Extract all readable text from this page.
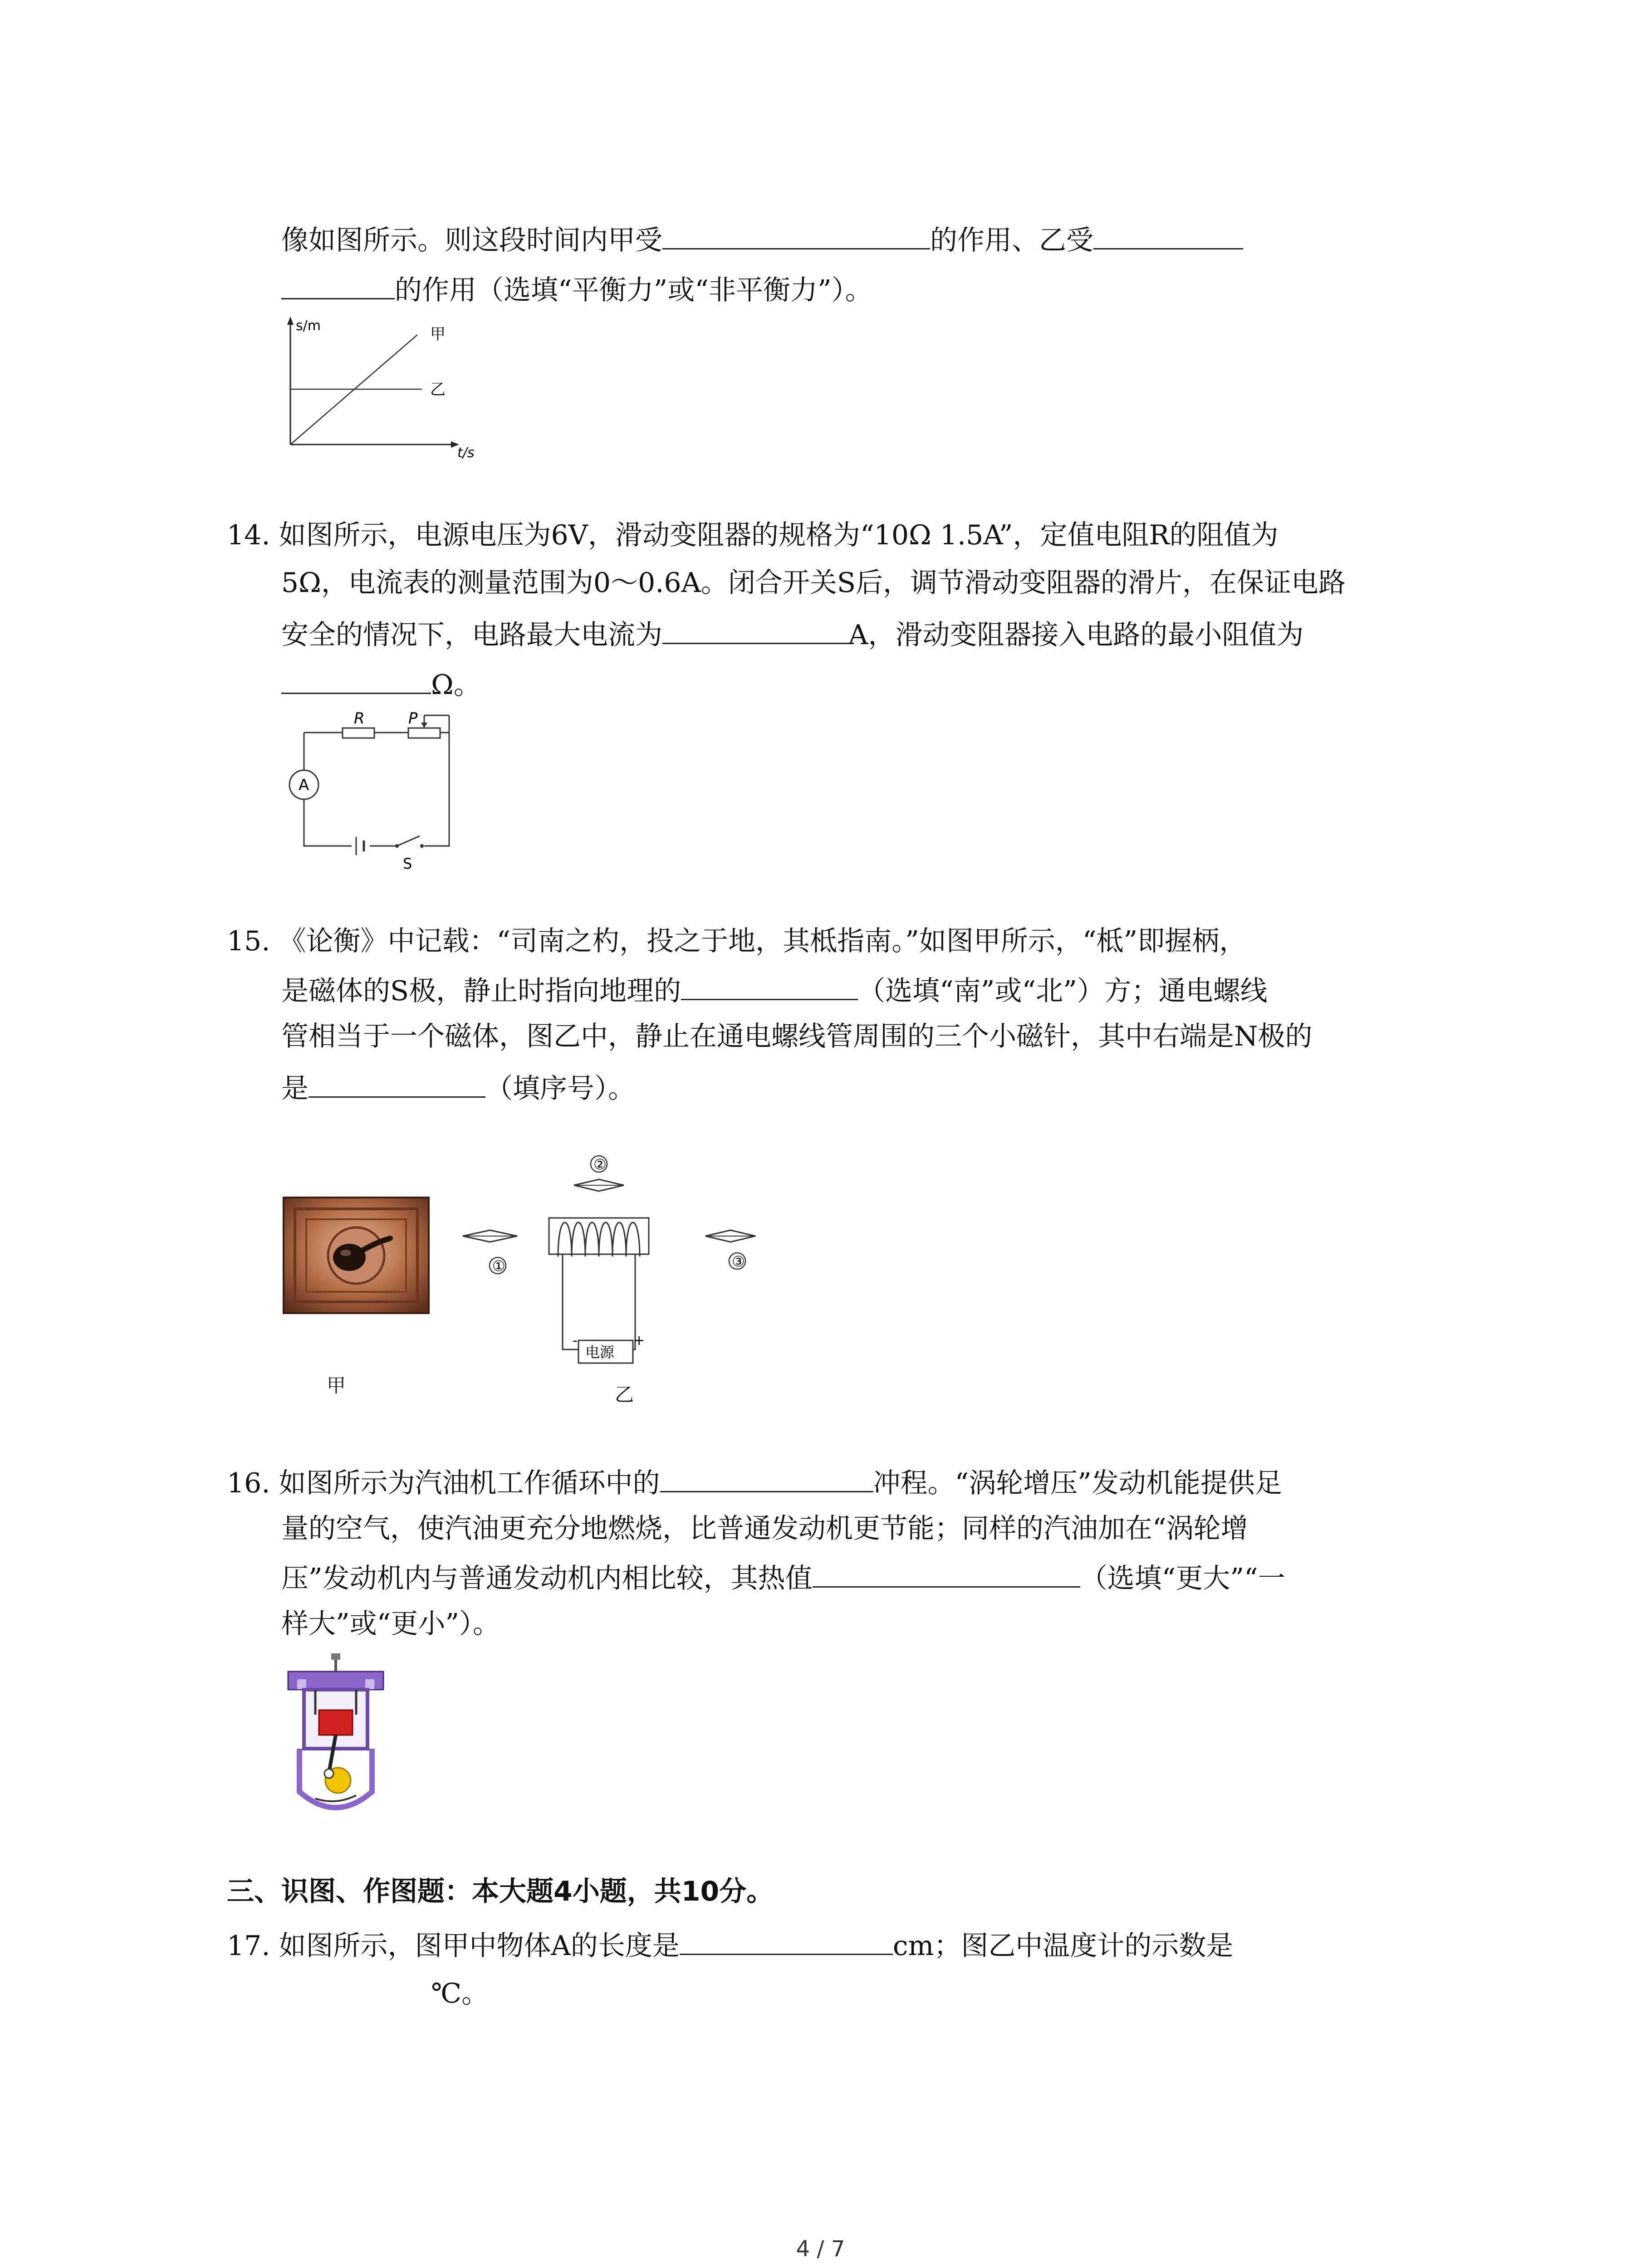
像如图所示。则这段时间内甲受	的作用、乙受
的作用（选填“平衡力”或“非平衡力”）。
s/m
t/s
甲
乙
14. 如图所示，电源电压为6V，滑动变阻器的规格为“10Ω 1.5A”，定值电阻R的阻值为
5Ω，电流表的测量范围为0～0.6A。闭合开关S后，调节滑动变阻器的滑片，在保证电路
安全的情况下，电路最大电流为	A，滑动变阻器接入电路的最小阻值为
Ω。
R	P
A
S
15. 《论衡》中记载：“司南之杓，投之于地，其柢指南。”如图甲所示，“柢”即握柄，
是磁体的S极，静止时指向地理的	（选填“南”或“北”）方；通电螺线
管相当于一个磁体，图乙中，静止在通电螺线管周围的三个小磁针，其中右端是N极的
是	（填序号）。
甲
②
①	③
电源
-	+
乙
16. 如图所示为汽油机工作循环中的	冲程。“涡轮增压”发动机能提供足
量的空气，使汽油更充分地燃烧，比普通发动机更节能；同样的汽油加在“涡轮增
压”发动机内与普通发动机内相比较，其热值	（选填“更大”“一
样大”或“更小”）。
三、识图、作图题：本大题4小题，共10分。
17. 如图所示，图甲中物体A的长度是	cm；图乙中温度计的示数是
℃。
4 / 7
